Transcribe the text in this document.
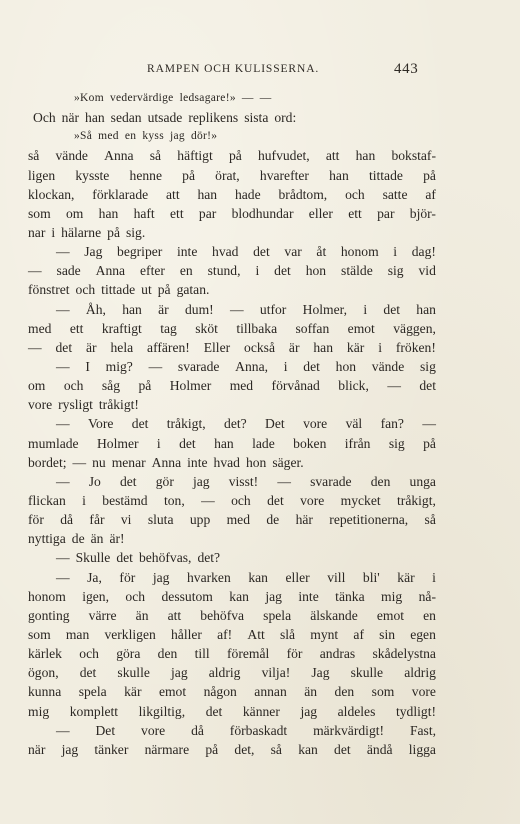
RAMPEN OCH KULISSERNA.	443
»Kom vedervärdige ledsagare!» — —
Och när han sedan utsade replikens sista ord:
»Så med en kyss jag dör!»
så vände Anna så häftigt på hufvudet, att han bokstaf-
ligen kysste henne på örat, hvarefter han tittade på
klockan, förklarade att han hade brådtom, och satte af
som om han haft ett par blodhundar eller ett par björ-
nar i hälarne på sig.
— Jag begriper inte hvad det var åt honom i dag!
— sade Anna efter en stund, i det hon stälde sig vid
fönstret och tittade ut på gatan.
— Åh, han är dum! — utfor Holmer, i det han
med ett kraftigt tag sköt tillbaka soffan emot väggen,
— det är hela affären! Eller också är han kär i fröken!
— I mig? — svarade Anna, i det hon vände sig
om och såg på Holmer med förvånad blick, — det
vore rysligt tråkigt!
— Vore det tråkigt, det? Det vore väl fan? —
mumlade Holmer i det han lade boken ifrån sig på
bordet; — nu menar Anna inte hvad hon säger.
— Jo det gör jag visst! — svarade den unga
flickan i bestämd ton, — och det vore mycket tråkigt,
för då får vi sluta upp med de här repetitionerna, så
nyttiga de än är!
— Skulle det behöfvas, det?
— Ja, för jag hvarken kan eller vill bli' kär i
honom igen, och dessutom kan jag inte tänka mig nå-
gonting värre än att behöfva spela älskande emot en
som man verkligen håller af! Att slå mynt af sin egen
kärlek och göra den till föremål för andras skådelystna
ögon, det skulle jag aldrig vilja! Jag skulle aldrig
kunna spela kär emot någon annan än den som vore
mig komplett likgiltig, det känner jag aldeles tydligt!
— Det vore då förbaskadt märkvärdigt! Fast,
när jag tänker närmare på det, så kan det ändå ligga
